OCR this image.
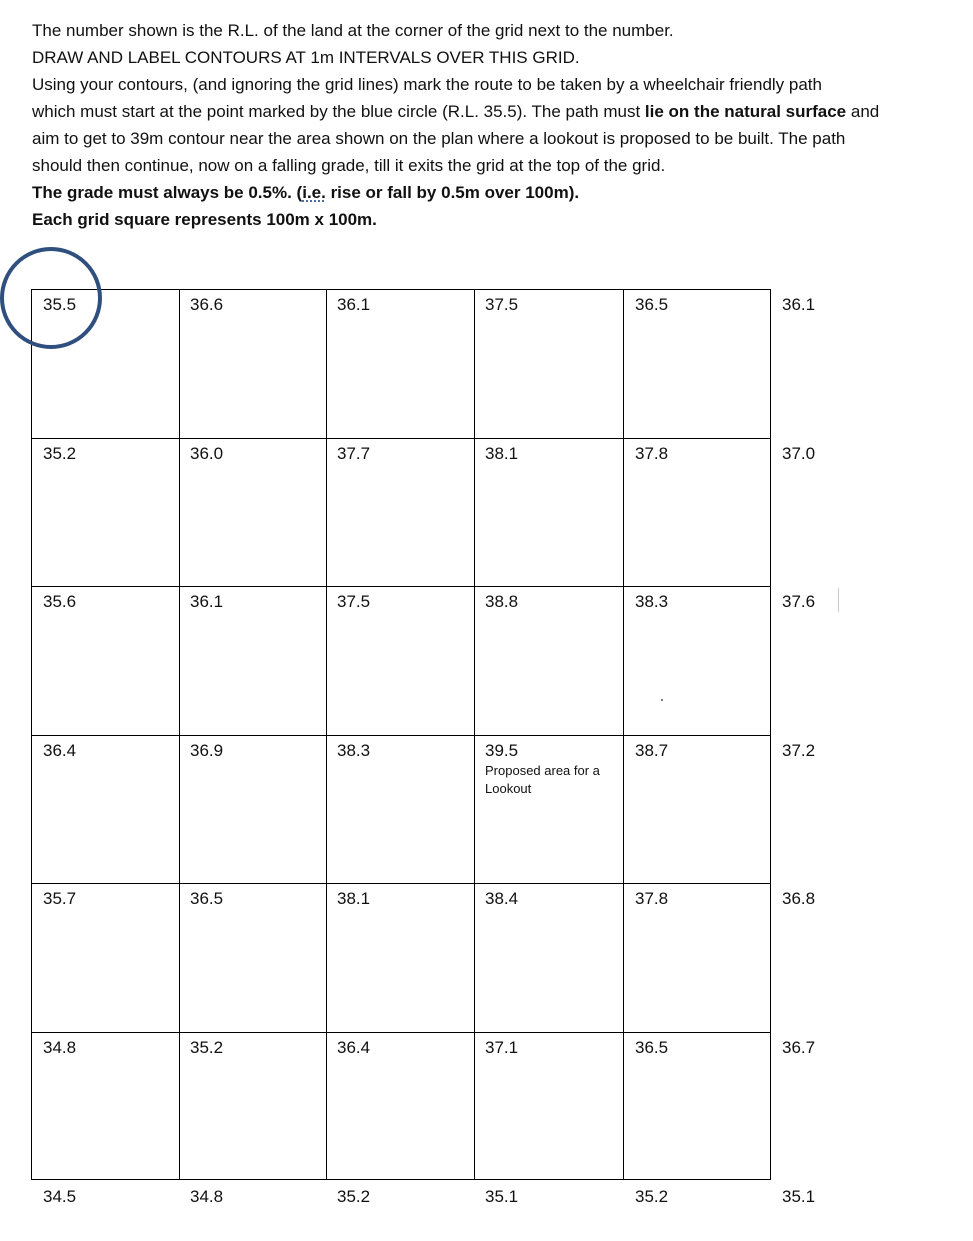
The number shown is the R.L. of the land at the corner of the grid next to the number.

DRAW AND LABEL CONTOURS AT 1m INTERVALS OVER THIS GRID.

Using your contours, (and ignoring the grid lines) mark the route to be taken by a wheelchair friendly path

which must start at the point marked by the blue circle (R.L. 35.5). The path must lie on the natural surface and

aim to get to 39m contour near the area shown on the plan where a lookout is proposed to be built. The path

should then continue, now on a falling grade, till it exits the grid at the top of the grid.

The grade must always be 0.5%. (i.e. rise or fall by 0.5m over 100m).

Each grid square represents 100m x 100m.

35.5	36.6	36.1	37.5	36.5	36.1
35.2	36.0	37.7	38.1	37.8	37.0
35.6	36.1	37.5	38.8	38.3	37.6
36.4	36.9	38.3	39.5	38.7	37.2
35.7	36.5	38.1	38.4	37.8	36.8
34.8	35.2	36.4	37.1	36.5	36.7
34.5	34.8	35.2	35.1	35.2	35.1
Proposed area for a Lookout
